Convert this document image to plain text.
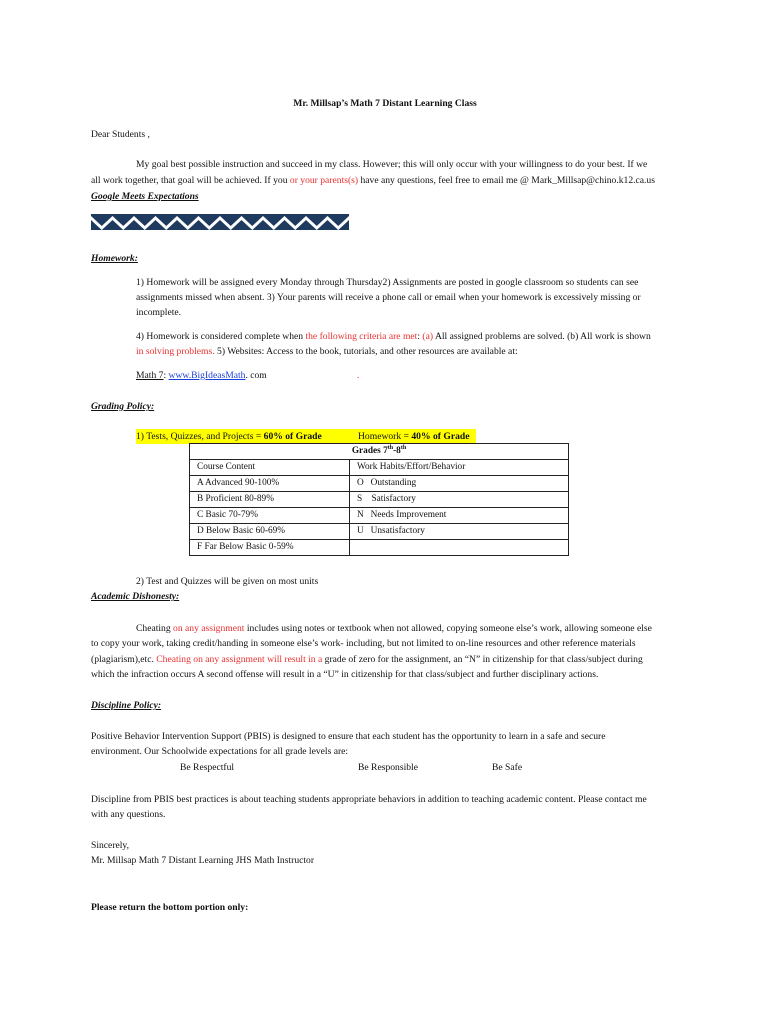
Mr. Millsap’s Math 7 Distant Learning Class
Dear Students ,
My goal best possible instruction and succeed in my class. However; this will only occur with your willingness to do your best. If we
all work together, that goal will be achieved. If you or your parents(s) have any questions, feel free to email me @ Mark_Millsap@chino.k12.ca.us
Google Meets Expectations
Homework:
1) Homework will be assigned every Monday through Thursday2) Assignments are posted in google classroom so students can see
assignments missed when absent. 3) Your parents will receive a phone call or email when your homework is excessively missing or
incomplete.
4) Homework is considered complete when the following criteria are met: (a) All assigned problems are solved. (b) All work is shown
in solving problems. 5) Websites: Access to the book, tutorials, and other resources are available at:
Math 7: www.BigIdeasMath. com	.
Grading Policy:
1) Tests, Quizzes, and Projects = 60% of Grade	Homework = 40% of Grade
Grades 7th-8th
Course Content	Work Habits/Effort/Behavior
A Advanced 90-100%	O   Outstanding
B Proficient 80-89%	S    Satisfactory
C Basic 70-79%	N   Needs Improvement
D Below Basic 60-69%	U   Unsatisfactory
F Far Below Basic 0-59%	
2) Test and Quizzes will be given on most units
Academic Dishonesty:
Cheating on any assignment includes using notes or textbook when not allowed, copying someone else’s work, allowing someone else
to copy your work, taking credit/handing in someone else’s work- including, but not limited to on-line resources and other reference materials
(plagiarism),etc. Cheating on any assignment will result in a grade of zero for the assignment, an “N” in citizenship for that class/subject during
which the infraction occurs A second offense will result in a “U” in citizenship for that class/subject and further disciplinary actions.
Discipline Policy:
Positive Behavior Intervention Support (PBIS) is designed to ensure that each student has the opportunity to learn in a safe and secure
environment. Our Schoolwide expectations for all grade levels are:
Be Respectful	Be Responsible	Be Safe
Discipline from PBIS best practices is about teaching students appropriate behaviors in addition to teaching academic content. Please contact me
with any questions.
Sincerely,
Mr. Millsap Math 7 Distant Learning JHS Math Instructor
Please return the bottom portion only:
